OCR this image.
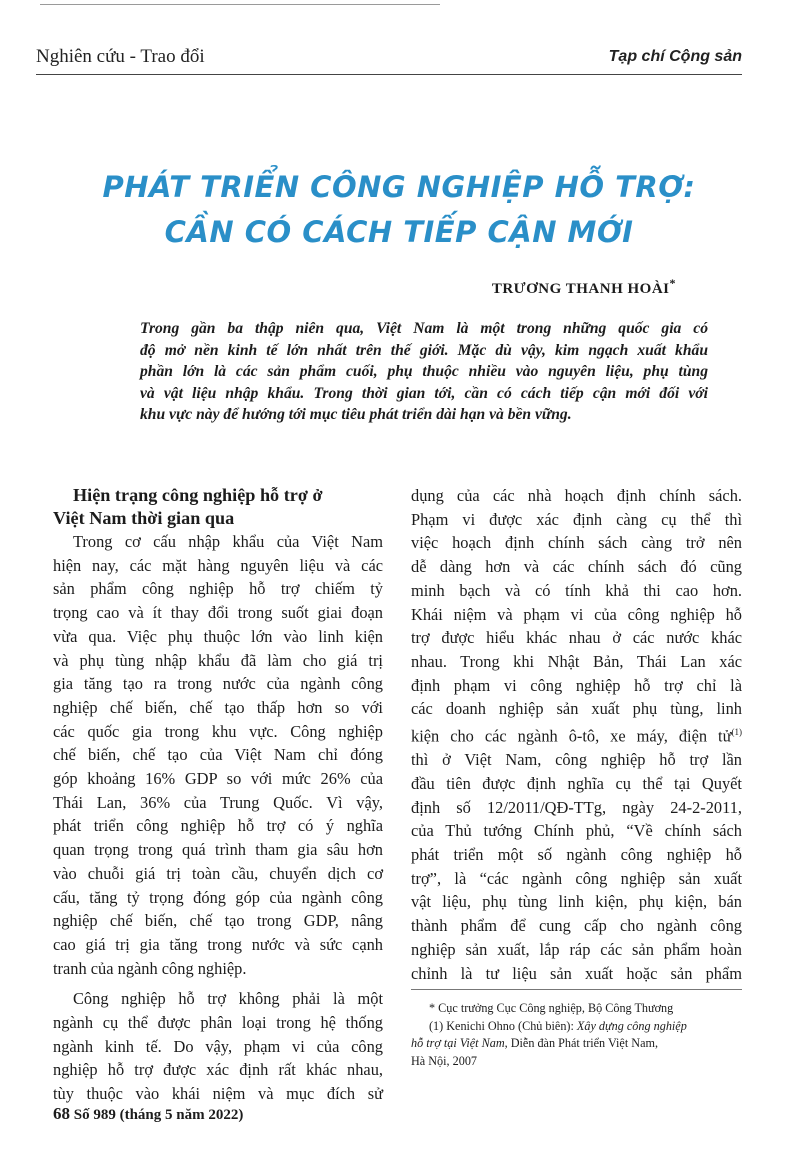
Nghiên cứu - Trao đổi	Tạp chí Cộng sản
PHÁT TRIỂN CÔNG NGHIỆP HỖ TRỢ:
CẦN CÓ CÁCH TIẾP CẬN MỚI
TRƯƠNG THANH HOÀI*
Trong gần ba thập niên qua, Việt Nam là một trong những quốc gia có
độ mở nền kinh tế lớn nhất trên thế giới. Mặc dù vậy, kim ngạch xuất khẩu
phần lớn là các sản phẩm cuối, phụ thuộc nhiều vào nguyên liệu, phụ tùng
và vật liệu nhập khẩu. Trong thời gian tới, cần có cách tiếp cận mới đối với
khu vực này để hướng tới mục tiêu phát triển dài hạn và bền vững.
Hiện trạng công nghiệp hỗ trợ ở
Việt Nam thời gian qua
Trong cơ cấu nhập khẩu của Việt Nam
hiện nay, các mặt hàng nguyên liệu và các
sản phẩm công nghiệp hỗ trợ chiếm tỷ
trọng cao và ít thay đổi trong suốt giai đoạn
vừa qua. Việc phụ thuộc lớn vào linh kiện
và phụ tùng nhập khẩu đã làm cho giá trị
gia tăng tạo ra trong nước của ngành công
nghiệp chế biến, chế tạo thấp hơn so với
các quốc gia trong khu vực. Công nghiệp
chế biến, chế tạo của Việt Nam chỉ đóng
góp khoảng 16% GDP so với mức 26% của
Thái Lan, 36% của Trung Quốc. Vì vậy,
phát triển công nghiệp hỗ trợ có ý nghĩa
quan trọng trong quá trình tham gia sâu hơn
vào chuỗi giá trị toàn cầu, chuyển dịch cơ
cấu, tăng tỷ trọng đóng góp của ngành công
nghiệp chế biến, chế tạo trong GDP, nâng
cao giá trị gia tăng trong nước và sức cạnh
tranh của ngành công nghiệp.
Công nghiệp hỗ trợ không phải là một
ngành cụ thể được phân loại trong hệ thống
ngành kinh tế. Do vậy, phạm vi của công
nghiệp hỗ trợ được xác định rất khác nhau,
tùy thuộc vào khái niệm và mục đích sử
dụng của các nhà hoạch định chính sách.
Phạm vi được xác định càng cụ thể thì
việc hoạch định chính sách càng trở nên
dễ dàng hơn và các chính sách đó cũng
minh bạch và có tính khả thi cao hơn.
Khái niệm và phạm vi của công nghiệp hỗ
trợ được hiểu khác nhau ở các nước khác
nhau. Trong khi Nhật Bản, Thái Lan xác
định phạm vi công nghiệp hỗ trợ chỉ là
các doanh nghiệp sản xuất phụ tùng, linh
kiện cho các ngành ô-tô, xe máy, điện tử$^{(1)}$
thì ở Việt Nam, công nghiệp hỗ trợ lần
đầu tiên được định nghĩa cụ thể tại Quyết
định số 12/2011/QĐ-TTg, ngày 24-2-2011,
của Thủ tướng Chính phủ, “Về chính sách
phát triển một số ngành công nghiệp hỗ
trợ”, là “các ngành công nghiệp sản xuất
vật liệu, phụ tùng linh kiện, phụ kiện, bán
thành phẩm để cung cấp cho ngành công
nghiệp sản xuất, lắp ráp các sản phẩm hoàn
chỉnh là tư liệu sản xuất hoặc sản phẩm
* Cục trưởng Cục Công nghiệp, Bộ Công Thương
(1) Kenichi Ohno (Chủ biên): Xây dựng công nghiệp
hỗ trợ tại Việt Nam, Diễn đàn Phát triển Việt Nam,
Hà Nội, 2007
68 Số 989 (tháng 5 năm 2022)
